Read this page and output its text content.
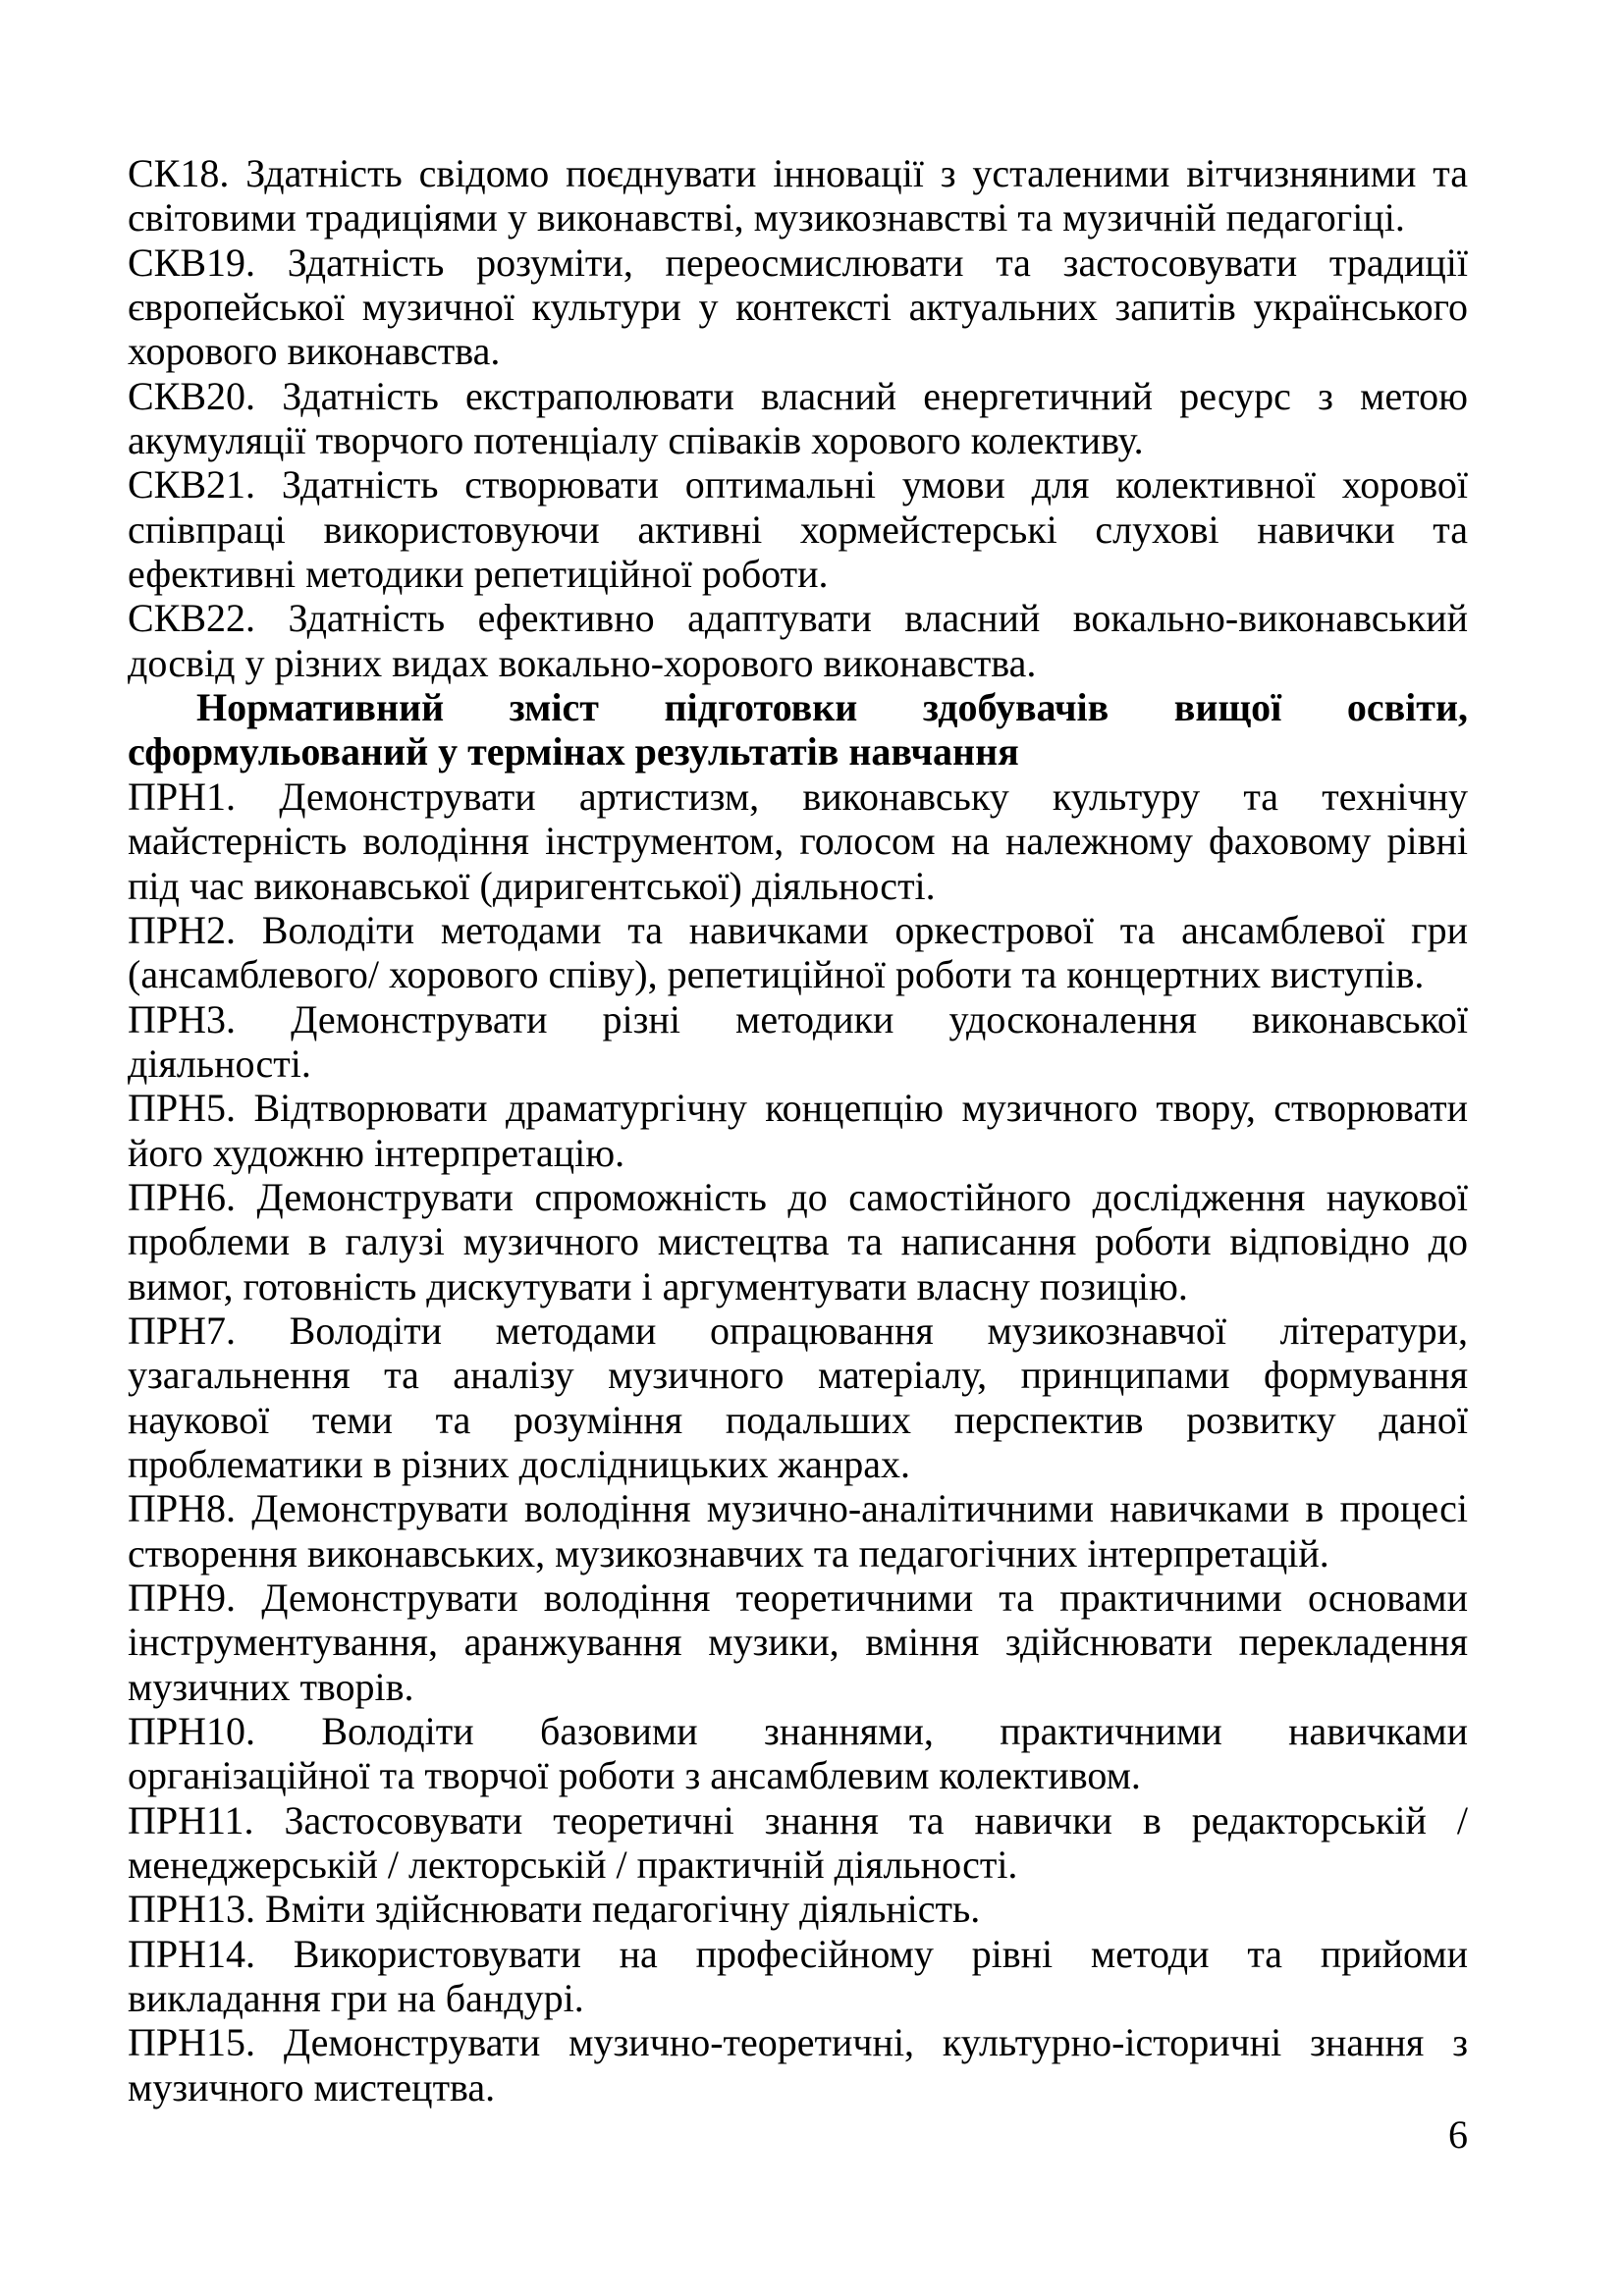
СК18. Здатність свідомо поєднувати інновації з усталеними вітчизняними та
світовими традиціями у виконавстві, музикознавстві та музичній педагогіці.
СКВ19. Здатність розуміти, переосмислювати та застосовувати традиції
європейської музичної культури у контексті актуальних запитів українського
хорового виконавства.
СКВ20. Здатність екстраполювати власний енергетичний ресурс з метою
акумуляції творчого потенціалу співаків хорового колективу.
СКВ21. Здатність створювати оптимальні умови для колективної хорової
співпраці використовуючи активні хормейстерські слухові навички та
ефективні методики репетиційної роботи.
СКВ22. Здатність ефективно адаптувати власний вокально-виконавський
досвід у різних видах вокально-хорового виконавства.
Нормативний зміст підготовки здобувачів вищої освіти,
сформульований у термінах результатів навчання
ПРН1. Демонструвати артистизм, виконавську культуру та технічну
майстерність володіння інструментом, голосом на належному фаховому рівні
під час виконавської (диригентської) діяльності.
ПРН2. Володіти методами та навичками оркестрової та ансамблевої гри
(ансамблевого/ хорового співу), репетиційної роботи та концертних виступів.
ПРН3. Демонструвати різні методики удосконалення виконавської
діяльності.
ПРН5. Відтворювати драматургічну концепцію музичного твору, створювати
його художню інтерпретацію.
ПРН6. Демонструвати спроможність до самостійного дослідження наукової
проблеми в галузі музичного мистецтва та написання роботи відповідно до
вимог, готовність дискутувати і аргументувати власну позицію.
ПРН7. Володіти методами опрацювання музикознавчої літератури,
узагальнення та аналізу музичного матеріалу, принципами формування
наукової теми та розуміння подальших перспектив розвитку даної
проблематики в різних дослідницьких жанрах.
ПРН8. Демонструвати володіння музично-аналітичними навичками в процесі
створення виконавських, музикознавчих та педагогічних інтерпретацій.
ПРН9. Демонструвати володіння теоретичними та практичними основами
інструментування, аранжування музики, вміння здійснювати перекладення
музичних творів.
ПРН10. Володіти базовими знаннями, практичними навичками
організаційної та творчої роботи з ансамблевим колективом.
ПРН11. Застосовувати теоретичні знання та навички в редакторській /
менеджерській / лекторській / практичній діяльності.
ПРН13. Вміти здійснювати педагогічну діяльність.
ПРН14. Використовувати на професійному рівні методи та прийоми
викладання гри на бандурі.
ПРН15. Демонструвати музично-теоретичні, культурно-історичні знання з
музичного мистецтва.
6
